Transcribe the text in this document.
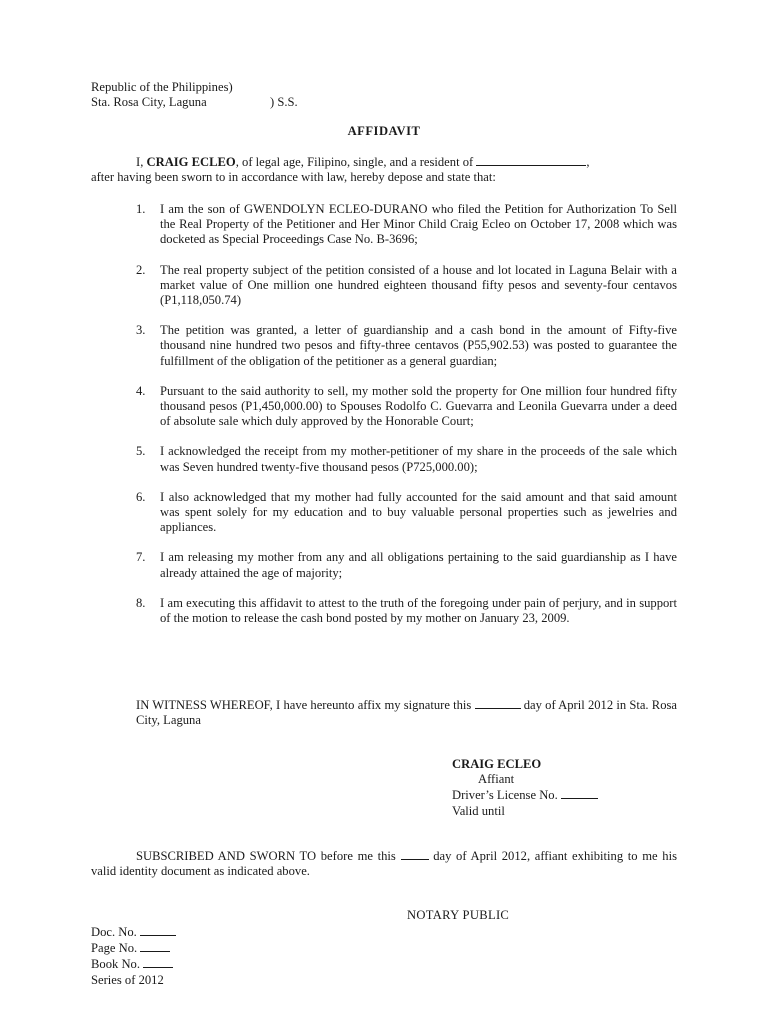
Republic of the Philippines)
Sta. Rosa City, Laguna	) S.S.
AFFIDAVIT
I, CRAIG ECLEO, of legal age, Filipino, single, and a resident of	,
after having been sworn to in accordance with law, hereby depose and state that:
1. I am the son of GWENDOLYN ECLEO-DURANO who filed the Petition for Authorization To Sell the Real Property of the Petitioner and Her Minor Child Craig Ecleo on October 17, 2008 which was docketed as Special Proceedings Case No. B-3696;
2. The real property subject of the petition consisted of a house and lot located in Laguna Belair with a market value of One million one hundred eighteen thousand fifty pesos and seventy-four centavos (P1,118,050.74)
3. The petition was granted, a letter of guardianship and a cash bond in the amount of Fifty-five thousand nine hundred two pesos and fifty-three centavos (P55,902.53) was posted to guarantee the fulfillment of the obligation of the petitioner as a general guardian;
4. Pursuant to the said authority to sell, my mother sold the property for One million four hundred fifty thousand pesos (P1,450,000.00) to Spouses Rodolfo C. Guevarra and Leonila Guevarra under a deed of absolute sale which duly approved by the Honorable Court;
5. I acknowledged the receipt from my mother-petitioner of my share in the proceeds of the sale which was Seven hundred twenty-five thousand pesos (P725,000.00);
6. I also acknowledged that my mother had fully accounted for the said amount and that said amount was spent solely for my education and to buy valuable personal properties such as jewelries and appliances.
7. I am releasing my mother from any and all obligations pertaining to the said guardianship as I have already attained the age of majority;
8. I am executing this affidavit to attest to the truth of the foregoing under pain of perjury, and in support of the motion to release the cash bond posted by my mother on January 23, 2009.
IN WITNESS WHEREOF, I have hereunto affix my signature this	day of April 2012 in Sta. Rosa City, Laguna
CRAIG ECLEO
Affiant
Driver’s License No.
Valid until
SUBSCRIBED AND SWORN TO before me this	day of April 2012, affiant exhibiting to me his valid identity document as indicated above.
NOTARY PUBLIC
Doc. No.
Page No.
Book No.
Series of 2012
